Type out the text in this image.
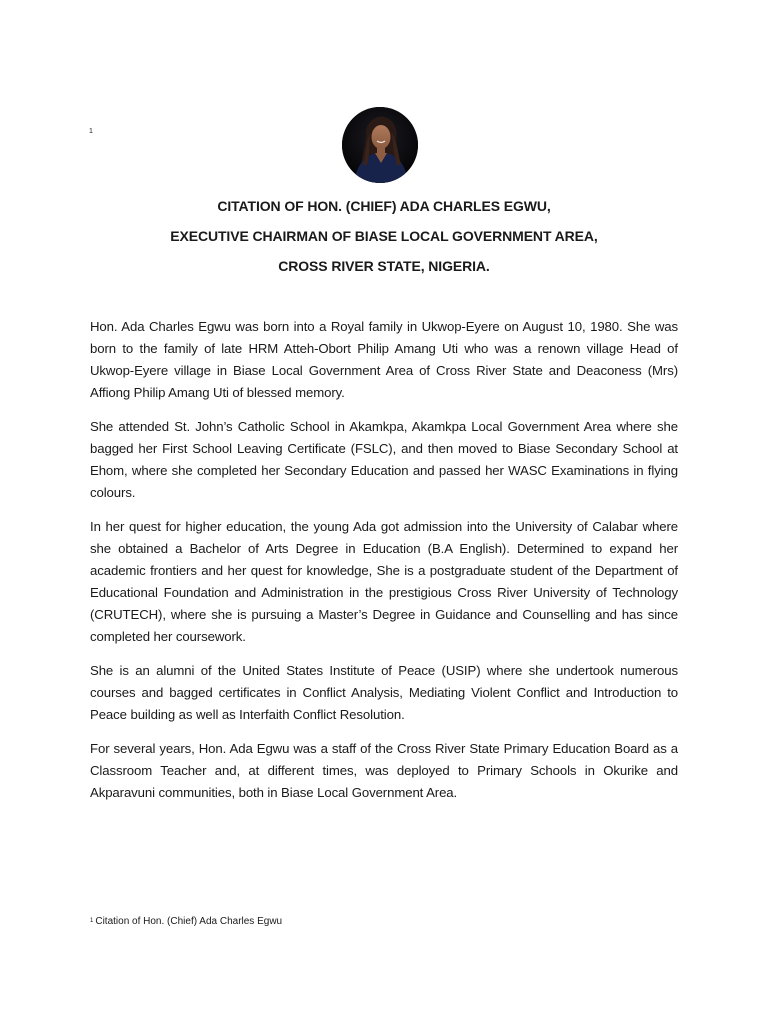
1

CITATION OF HON. (CHIEF) ADA CHARLES EGWU,

EXECUTIVE CHAIRMAN OF BIASE LOCAL GOVERNMENT AREA,

CROSS RIVER STATE, NIGERIA.

Hon. Ada Charles Egwu was born into a Royal family in Ukwop-Eyere on August 10, 1980. She was born to the family of late HRM Atteh-Obort Philip Amang Uti who was a renown village Head of Ukwop-Eyere village in Biase Local Government Area of Cross River State and Deaconess (Mrs) Affiong Philip Amang Uti of blessed memory.

She attended St. John’s Catholic School in Akamkpa, Akamkpa Local Government Area where she bagged her First School Leaving Certificate (FSLC), and then moved to Biase Secondary School at Ehom, where she completed her Secondary Education and passed her WASC Examinations in flying colours.

In her quest for higher education, the young Ada got admission into the University of Calabar where she obtained a Bachelor of Arts Degree in Education (B.A English). Determined to expand her academic frontiers and her quest for knowledge, She is a postgraduate student of the Department of Educational Foundation and Administration in the prestigious Cross River University of Technology (CRUTECH), where she is pursuing a Master’s Degree in Guidance and Counselling and has since completed her coursework.

She is an alumni of the United States Institute of Peace (USIP) where she undertook numerous courses and bagged certificates in Conflict Analysis, Mediating Violent Conflict and Introduction to Peace building as well as Interfaith Conflict Resolution.

For several years, Hon. Ada Egwu was a staff of the Cross River State Primary Education Board as a Classroom Teacher and, at different times, was deployed to Primary Schools in Okurike and Akparavuni communities, both in Biase Local Government Area.

$^1$ Citation of Hon. (Chief) Ada Charles Egwu
